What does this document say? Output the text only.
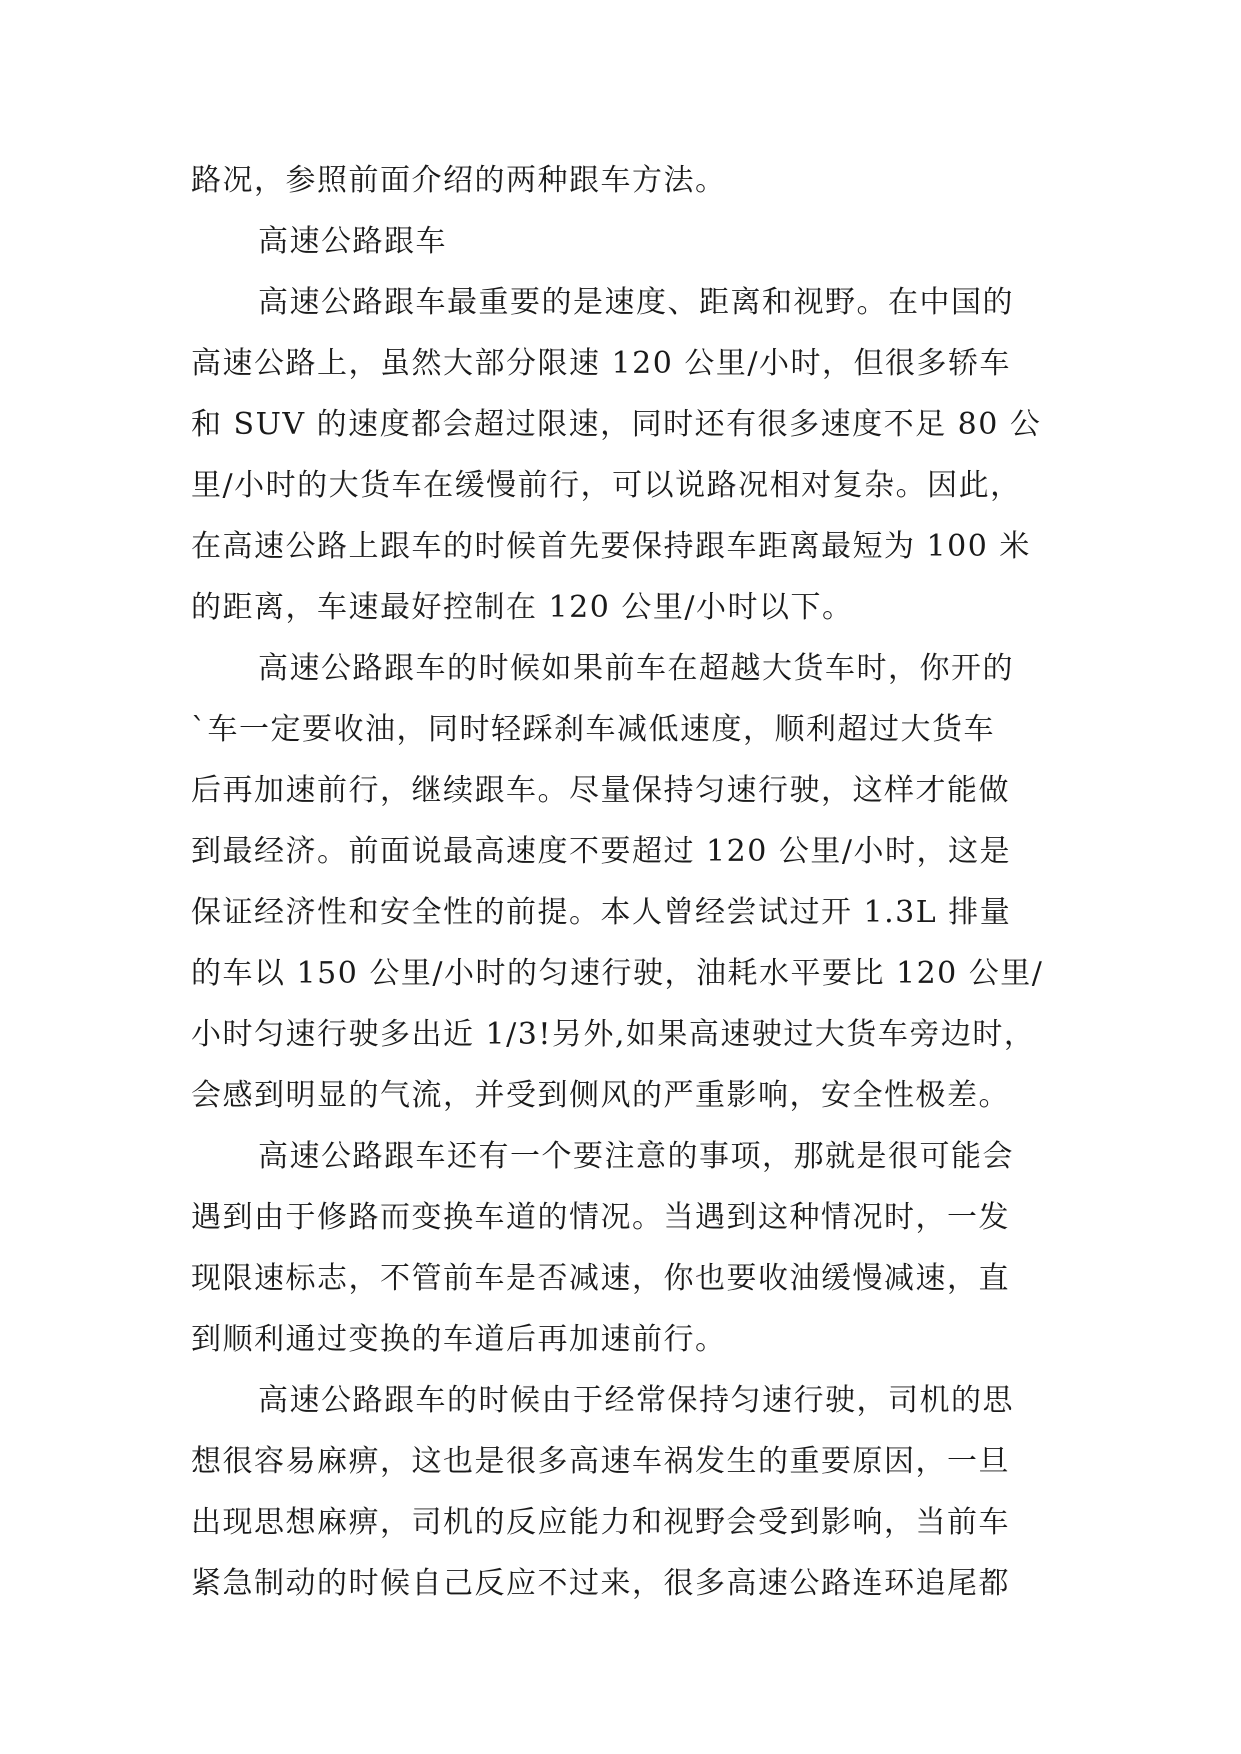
路况，参照前面介绍的两种跟车方法。
高速公路跟车
高速公路跟车最重要的是速度、距离和视野。在中国的
高速公路上，虽然大部分限速 120 公里/小时，但很多轿车
和 SUV 的速度都会超过限速，同时还有很多速度不足 80 公
里/小时的大货车在缓慢前行，可以说路况相对复杂。因此，
在高速公路上跟车的时候首先要保持跟车距离最短为 100 米
的距离，车速最好控制在 120 公里/小时以下。
高速公路跟车的时候如果前车在超越大货车时，你开的
`车一定要收油，同时轻踩刹车减低速度，顺利超过大货车
后再加速前行，继续跟车。尽量保持匀速行驶，这样才能做
到最经济。前面说最高速度不要超过 120 公里/小时，这是
保证经济性和安全性的前提。本人曾经尝试过开 1.3L 排量
的车以 150 公里/小时的匀速行驶，油耗水平要比 120 公里/
小时匀速行驶多出近 1/3!另外,如果高速驶过大货车旁边时，
会感到明显的气流，并受到侧风的严重影响，安全性极差。
高速公路跟车还有一个要注意的事项，那就是很可能会
遇到由于修路而变换车道的情况。当遇到这种情况时，一发
现限速标志，不管前车是否减速，你也要收油缓慢减速，直
到顺利通过变换的车道后再加速前行。
高速公路跟车的时候由于经常保持匀速行驶，司机的思
想很容易麻痹，这也是很多高速车祸发生的重要原因，一旦
出现思想麻痹，司机的反应能力和视野会受到影响，当前车
紧急制动的时候自己反应不过来，很多高速公路连环追尾都
